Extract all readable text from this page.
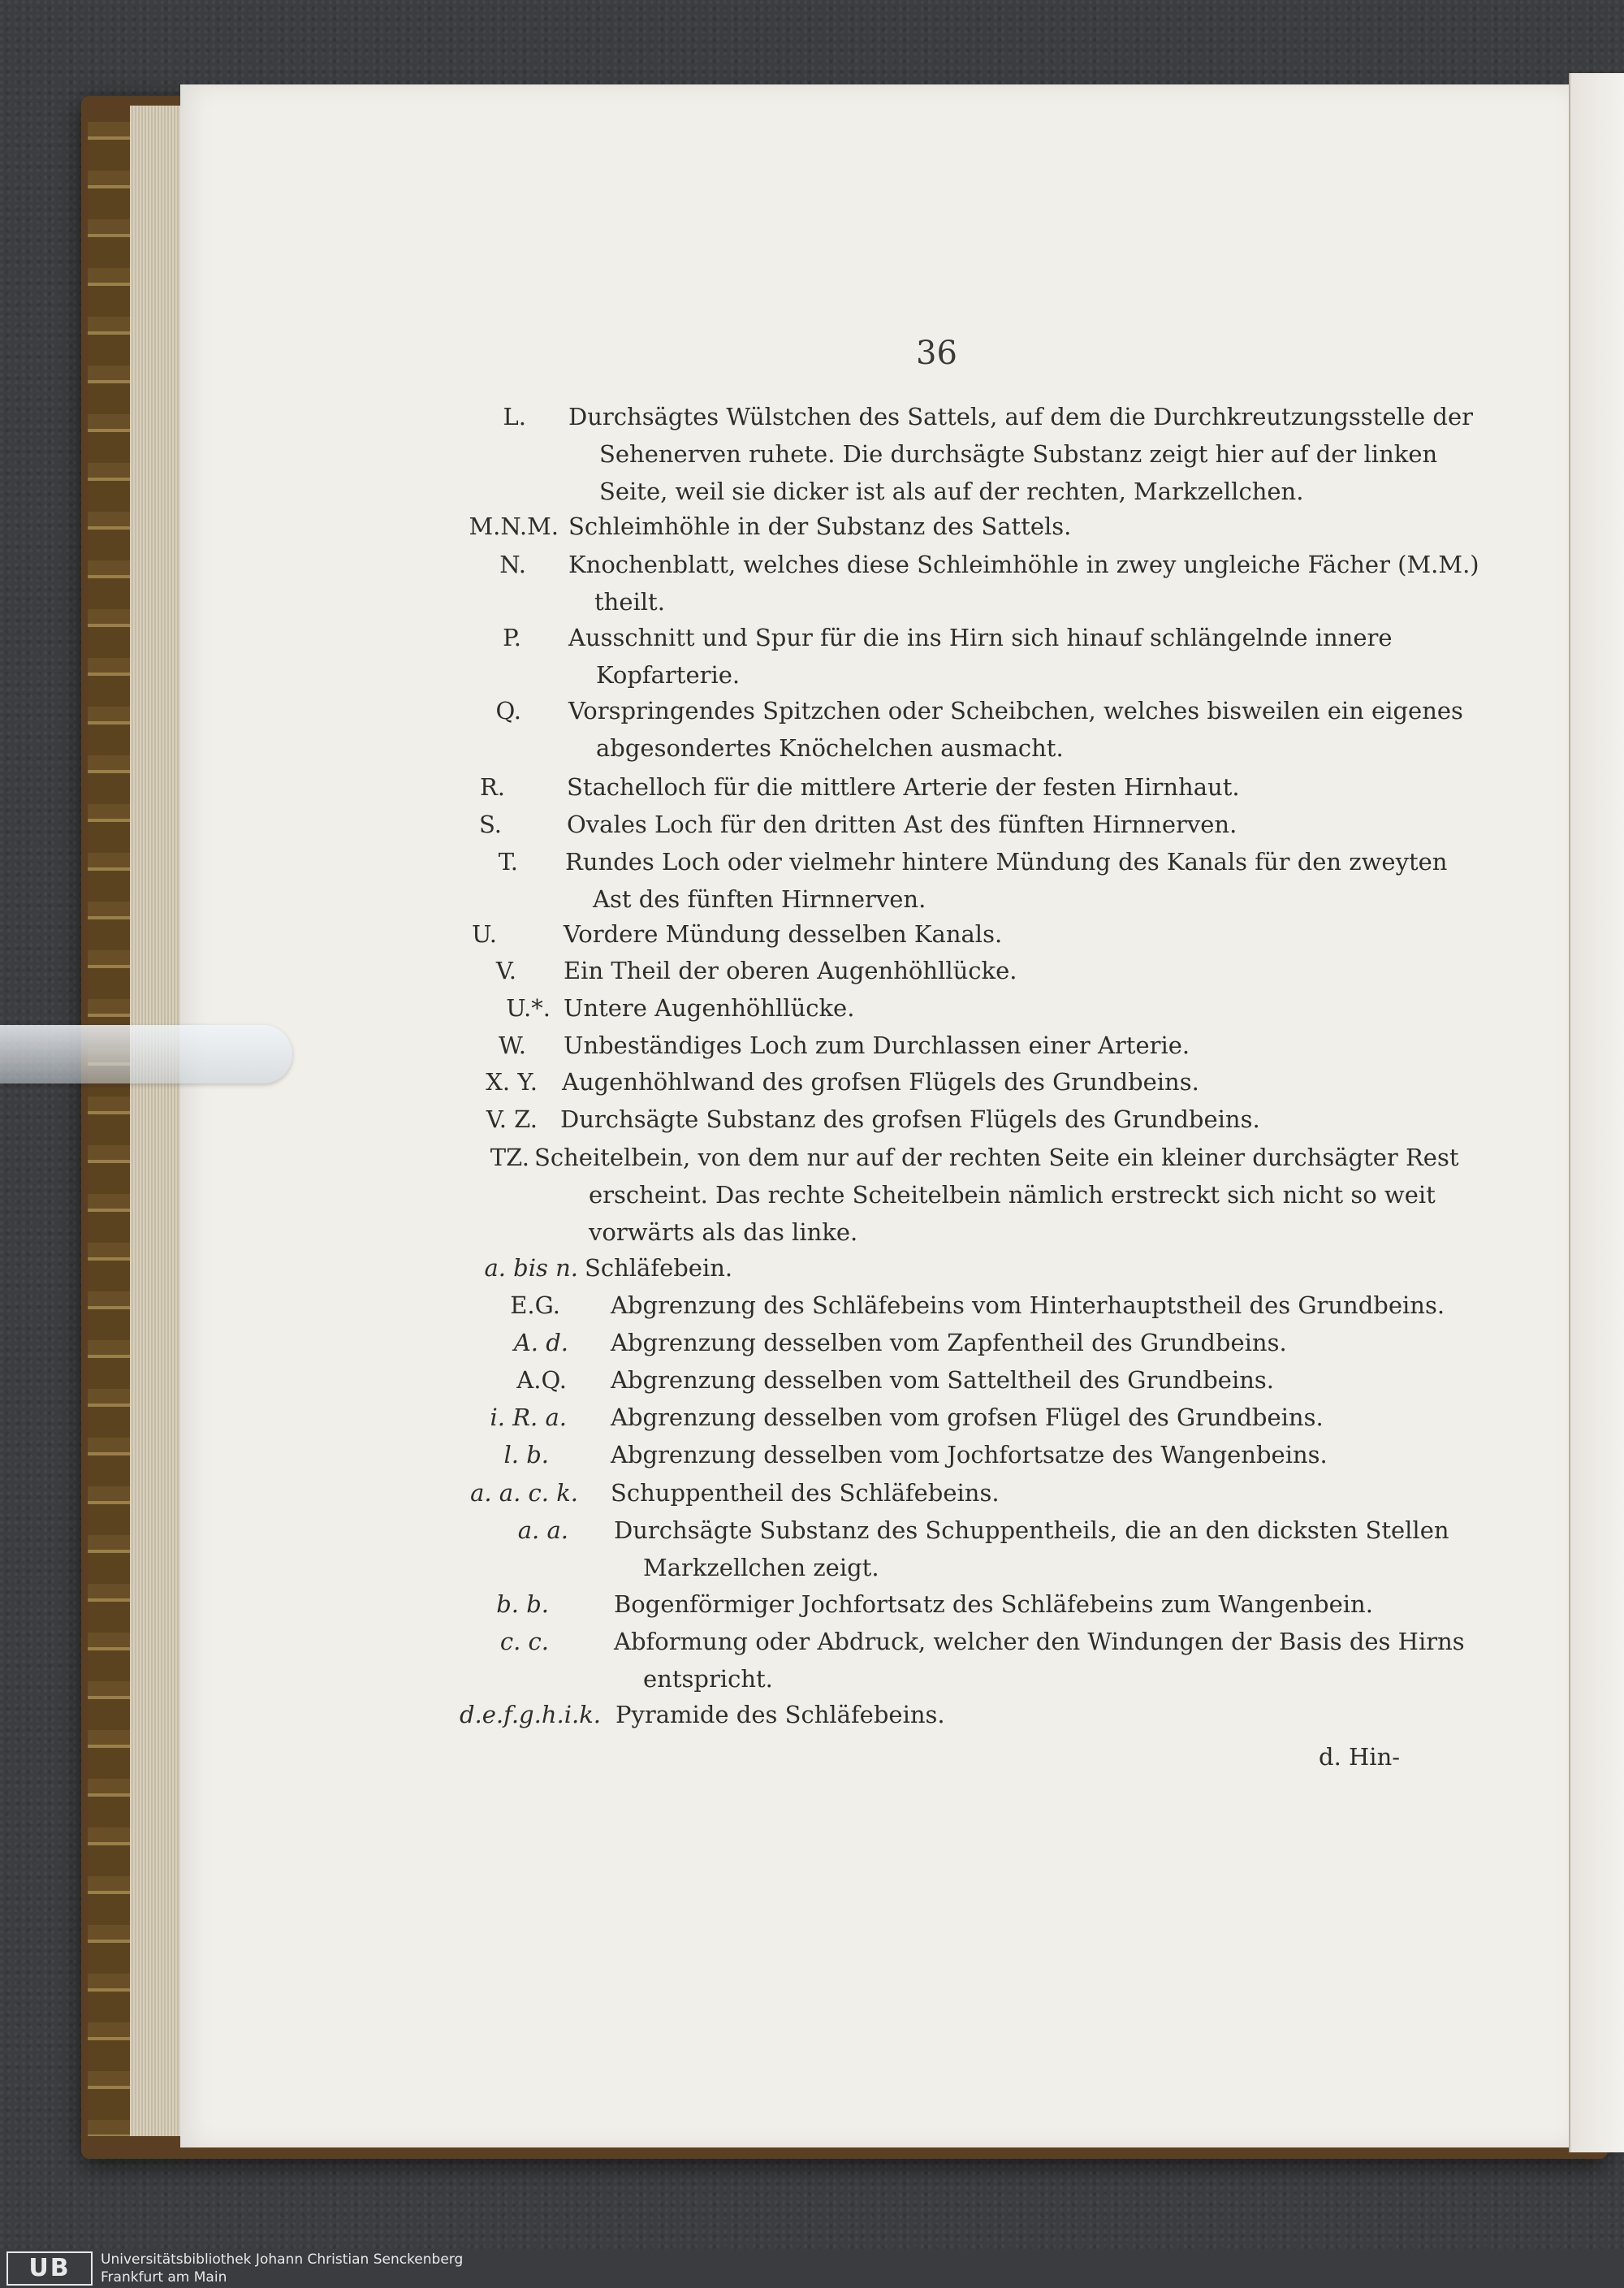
36
L. Durchsägtes Wülstchen des Sattels, auf dem die Durchkreutzungsstelle der
Sehenerven ruhete. Die durchsägte Substanz zeigt hier auf der linken
Seite, weil sie dicker ist als auf der rechten, Markzellchen.
M.N.M. Schleimhöhle in der Substanz des Sattels.
N. Knochenblatt, welches diese Schleimhöhle in zwey ungleiche Fächer (M.M.)
theilt.
P. Ausschnitt und Spur für die ins Hirn sich hinauf schlängelnde innere
Kopfarterie.
Q. Vorspringendes Spitzchen oder Scheibchen, welches bisweilen ein eigenes
abgesondertes Knöchelchen ausmacht.
R.	Stachelloch für die mittlere Arterie der festen Hirnhaut.
S.	Ovales Loch für den dritten Ast des fünften Hirnnerven.
T. Rundes Loch oder vielmehr hintere Mündung des Kanals für den zweyten
Ast des fünften Hirnnerven.
U.	Vordere Mündung desselben Kanals.
V. Ein Theil der oberen Augenhöhllücke.
U.*. Untere Augenhöhllücke.
W. Unbeständiges Loch zum Durchlassen einer Arterie.
X. Y. Augenhöhlwand des grofsen Flügels des Grundbeins.
V. Z. Durchsägte Substanz des grofsen Flügels des Grundbeins.
TZ. Scheitelbein, von dem nur auf der rechten Seite ein kleiner durchsägter Rest
erscheint. Das rechte Scheitelbein nämlich erstreckt sich nicht so weit
vorwärts als das linke.
a. bis n. Schläfebein.
E.G. Abgrenzung des Schläfebeins vom Hinterhauptstheil des Grundbeins.
A. d. Abgrenzung desselben vom Zapfentheil des Grundbeins.
A.Q. Abgrenzung desselben vom Satteltheil des Grundbeins.
i. R. a. Abgrenzung desselben vom grofsen Flügel des Grundbeins.
l. b.	Abgrenzung desselben vom Jochfortsatze des Wangenbeins.
a. a. c. k. Schuppentheil des Schläfebeins.
a. a. Durchsägte Substanz des Schuppentheils, die an den dicksten Stellen
Markzellchen zeigt.
b. b.	Bogenförmiger Jochfortsatz des Schläfebeins zum Wangenbein.
c. c.	Abformung oder Abdruck, welcher den Windungen der Basis des Hirns
entspricht.
d.e.f.g.h.i.k. Pyramide des Schläfebeins.
d. Hin-
UB	Universitätsbibliothek Johann Christian Senckenberg
Frankfurt am Main
